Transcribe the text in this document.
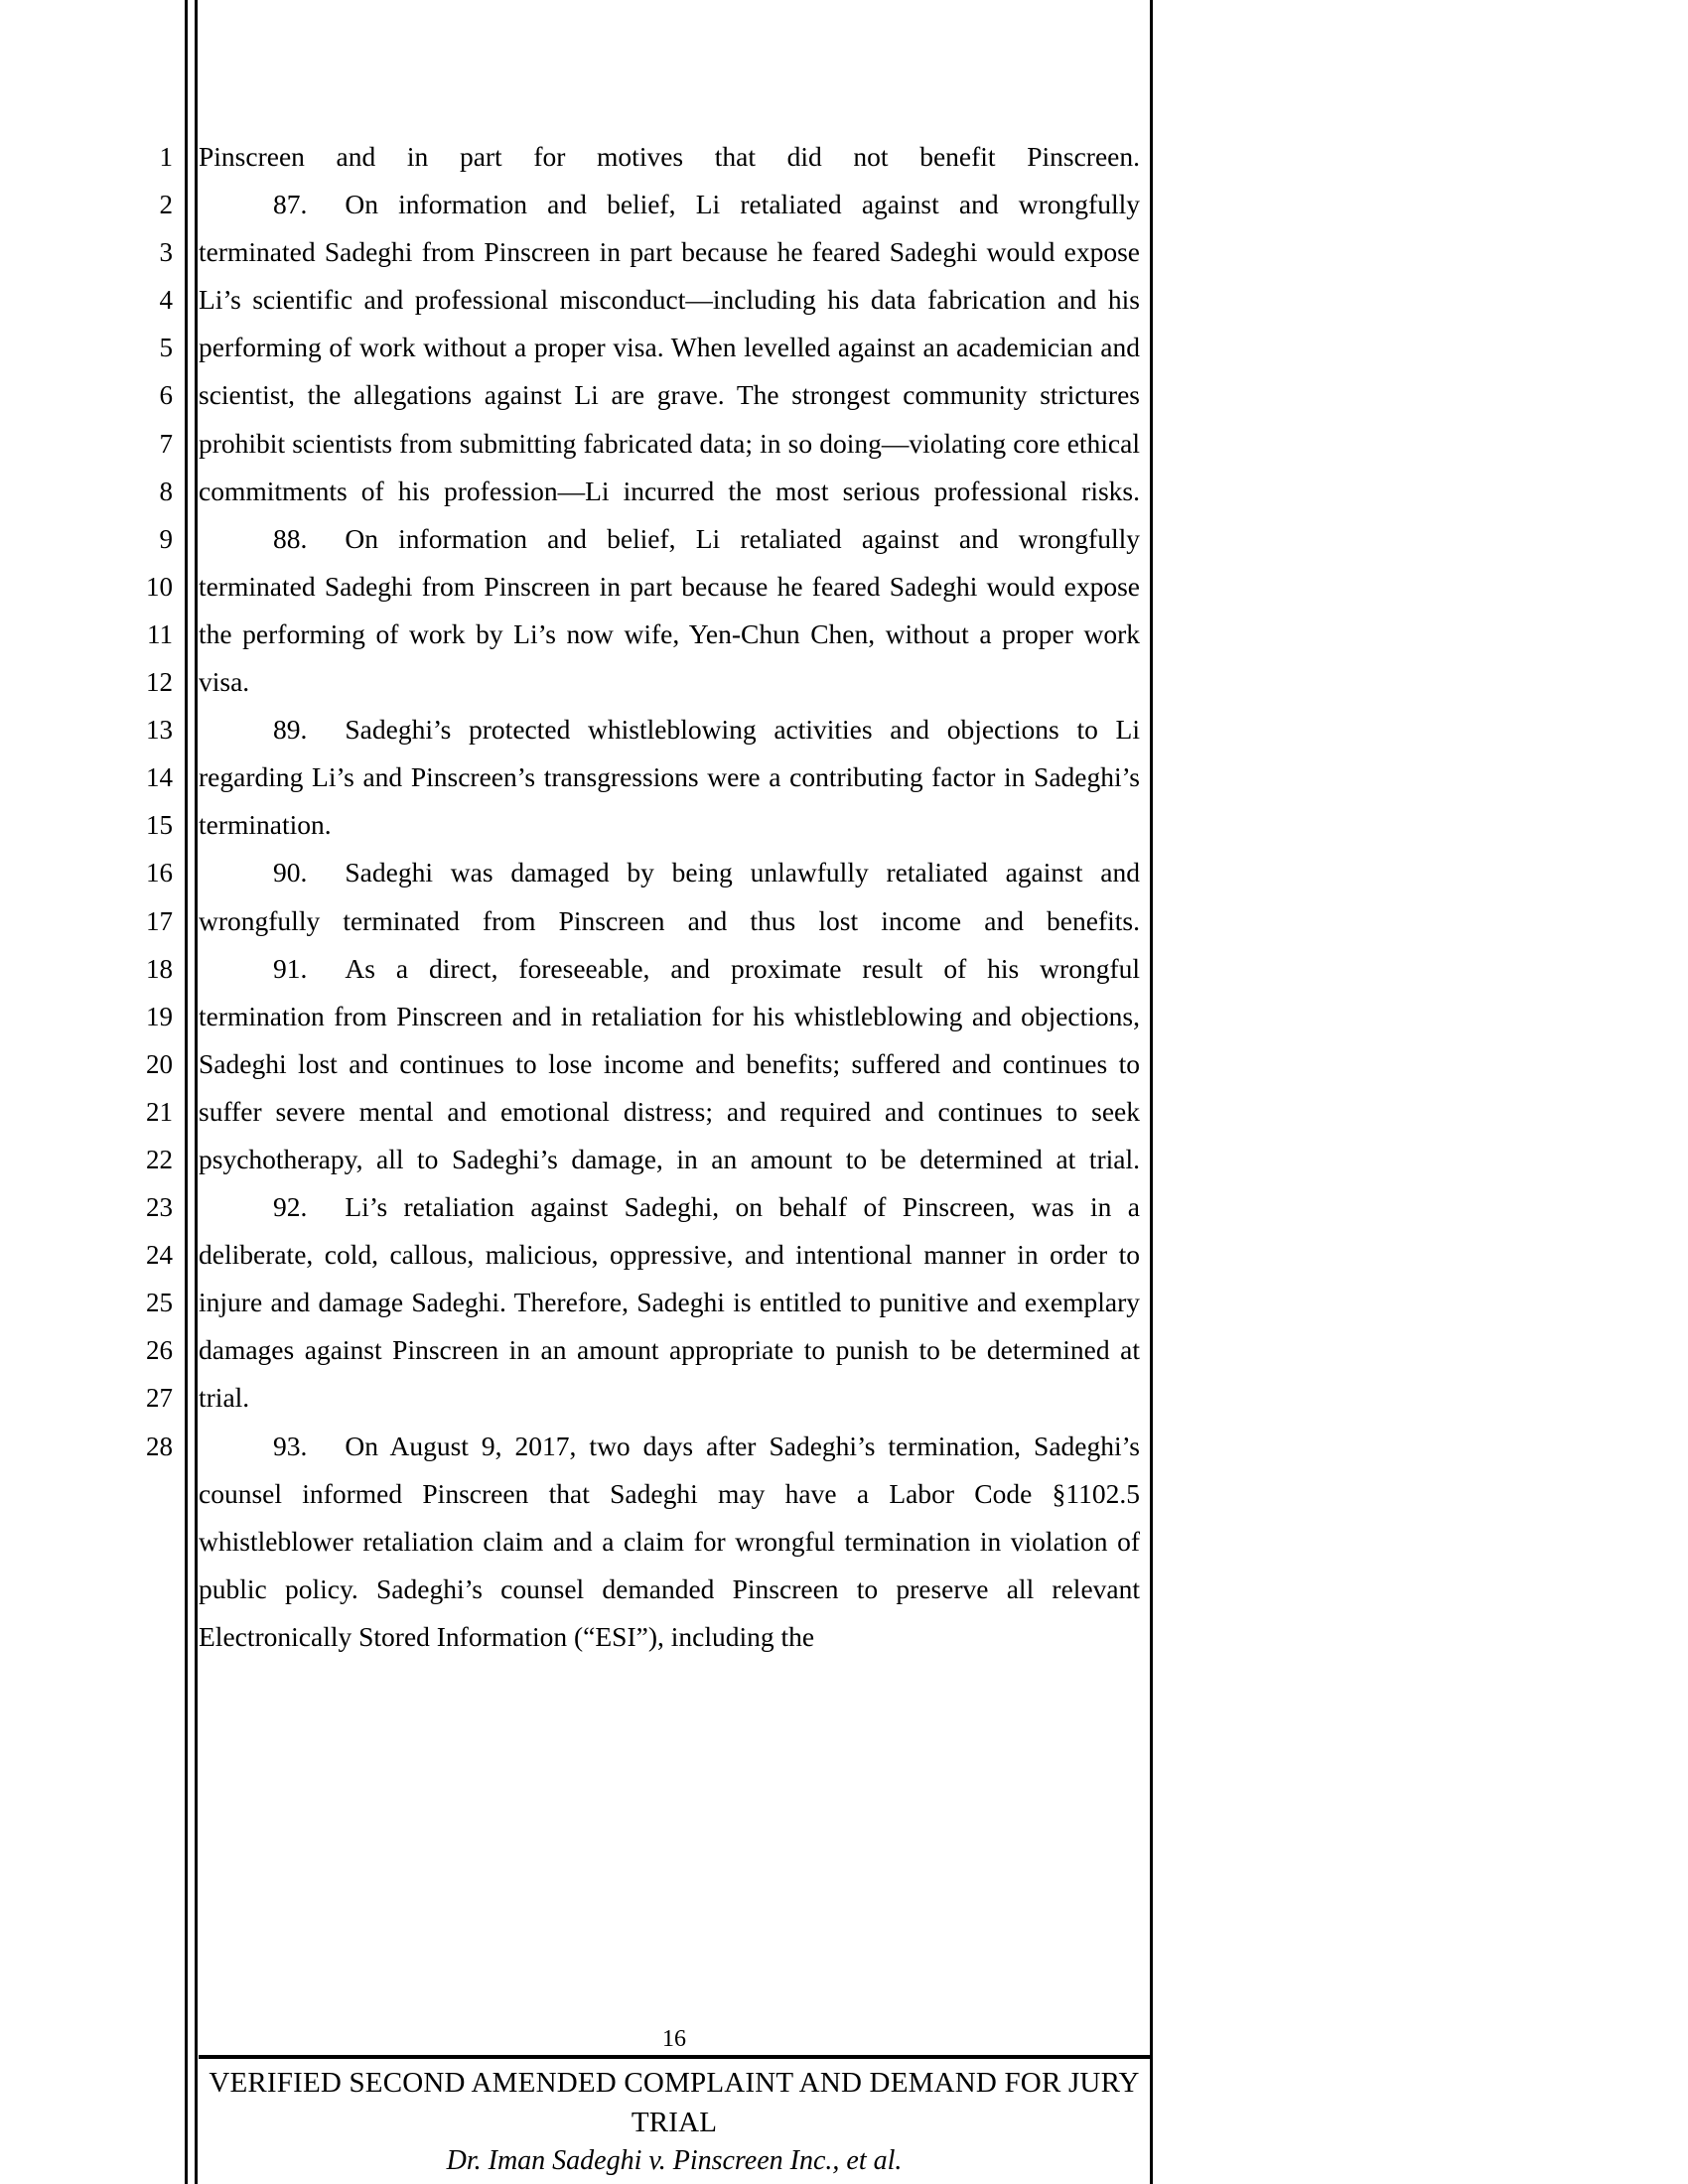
1
2
3
4
5
6
7
8
9
10
11
12
13
14
15
16
17
18
19
20
21
22
23
24
25
26
27
28

Pinscreen and in part for motives that did not benefit Pinscreen.

87. On information and belief, Li retaliated against and wrongfully terminated Sadeghi from Pinscreen in part because he feared Sadeghi would expose Li’s scientific and professional misconduct—including his data fabrication and his performing of work without a proper visa. When levelled against an academician and scientist, the allegations against Li are grave. The strongest community strictures prohibit scientists from submitting fabricated data; in so doing—violating core ethical commitments of his profession—Li incurred the most serious professional risks.

88. On information and belief, Li retaliated against and wrongfully terminated Sadeghi from Pinscreen in part because he feared Sadeghi would expose the performing of work by Li’s now wife, Yen-Chun Chen, without a proper work visa.

89. Sadeghi’s protected whistleblowing activities and objections to Li regarding Li’s and Pinscreen’s transgressions were a contributing factor in Sadeghi’s termination.

90. Sadeghi was damaged by being unlawfully retaliated against and wrongfully terminated from Pinscreen and thus lost income and benefits.

91. As a direct, foreseeable, and proximate result of his wrongful termination from Pinscreen and in retaliation for his whistleblowing and objections, Sadeghi lost and continues to lose income and benefits; suffered and continues to suffer severe mental and emotional distress; and required and continues to seek psychotherapy, all to Sadeghi’s damage, in an amount to be determined at trial.

92. Li’s retaliation against Sadeghi, on behalf of Pinscreen, was in a deliberate, cold, callous, malicious, oppressive, and intentional manner in order to injure and damage Sadeghi. Therefore, Sadeghi is entitled to punitive and exemplary damages against Pinscreen in an amount appropriate to punish to be determined at trial.

93. On August 9, 2017, two days after Sadeghi’s termination, Sadeghi’s counsel informed Pinscreen that Sadeghi may have a Labor Code §1102.5 whistleblower retaliation claim and a claim for wrongful termination in violation of public policy. Sadeghi’s counsel demanded Pinscreen to preserve all relevant Electronically Stored Information (“ESI”), including the

16
VERIFIED SECOND AMENDED COMPLAINT AND DEMAND FOR JURY TRIAL
Dr. Iman Sadeghi v. Pinscreen Inc., et al.
